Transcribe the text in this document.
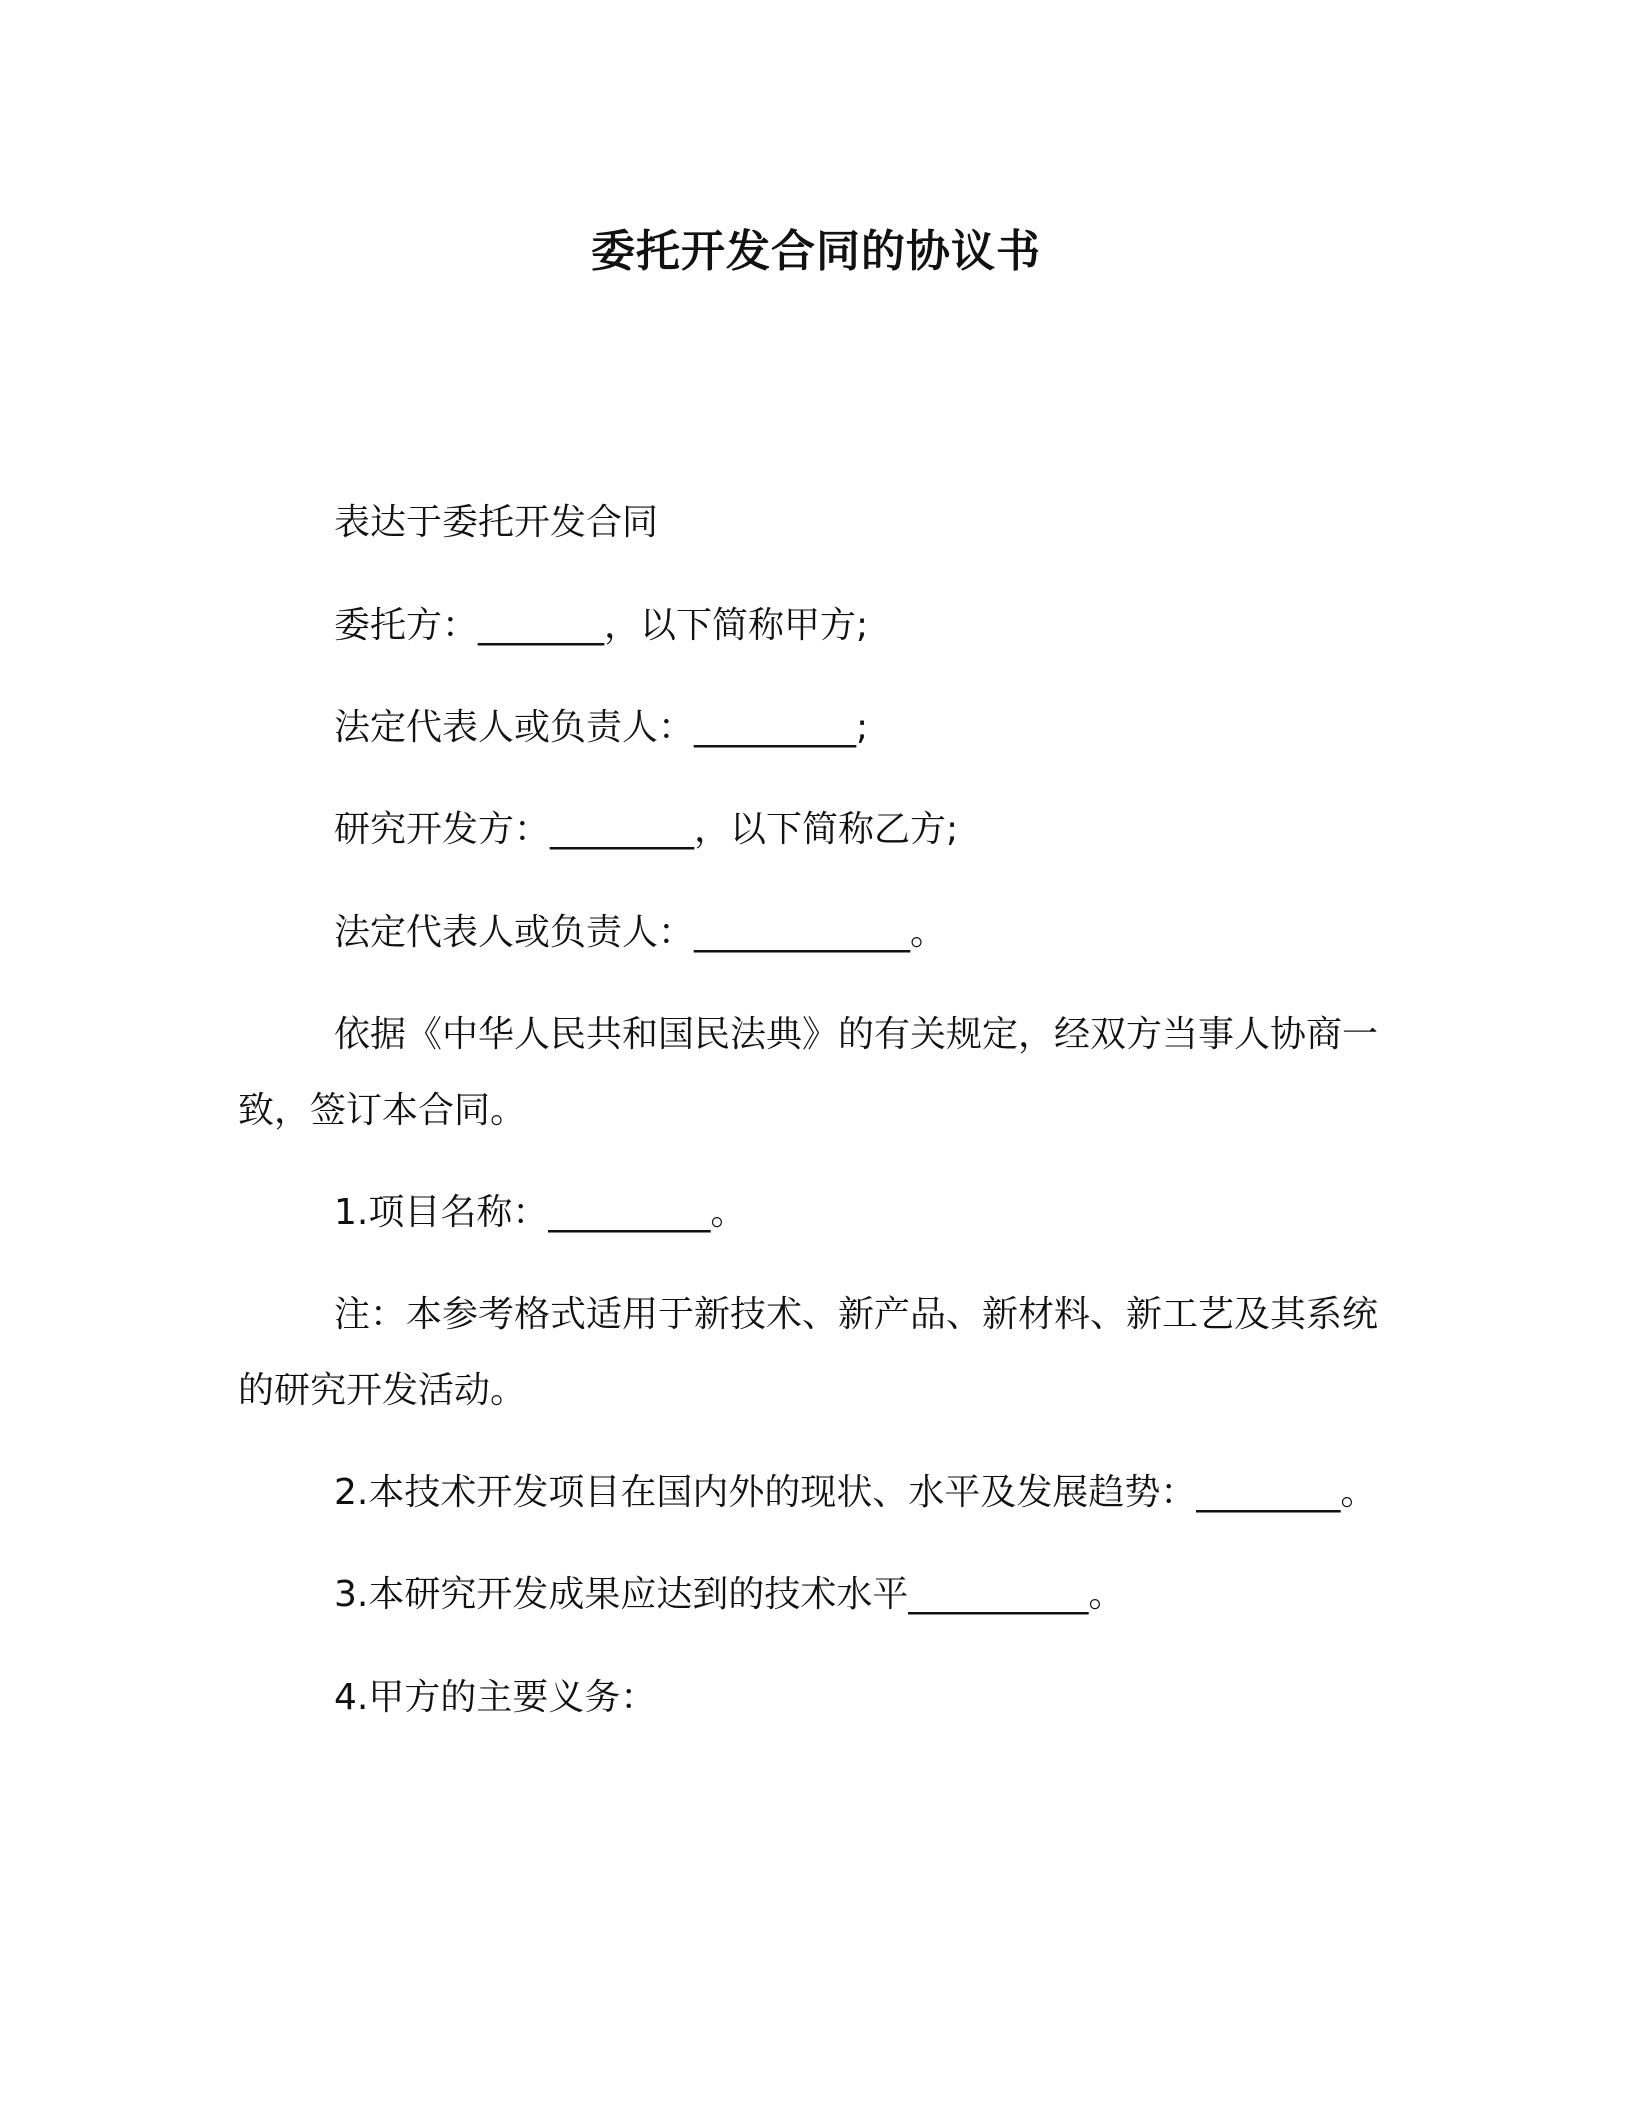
委托开发合同的协议书
表达于委托开发合同
委托方：_______，以下简称甲方;
法定代表人或负责人：_________;
研究开发方：________，以下简称乙方;
法定代表人或负责人：____________。
依据《中华人民共和国民法典》的有关规定，经双方当事人协商一致，签订本合同。
1.项目名称：_________。
注：本参考格式适用于新技术、新产品、新材料、新工艺及其系统的研究开发活动。
2.本技术开发项目在国内外的现状、水平及发展趋势：________。
3.本研究开发成果应达到的技术水平__________。
4.甲方的主要义务：
